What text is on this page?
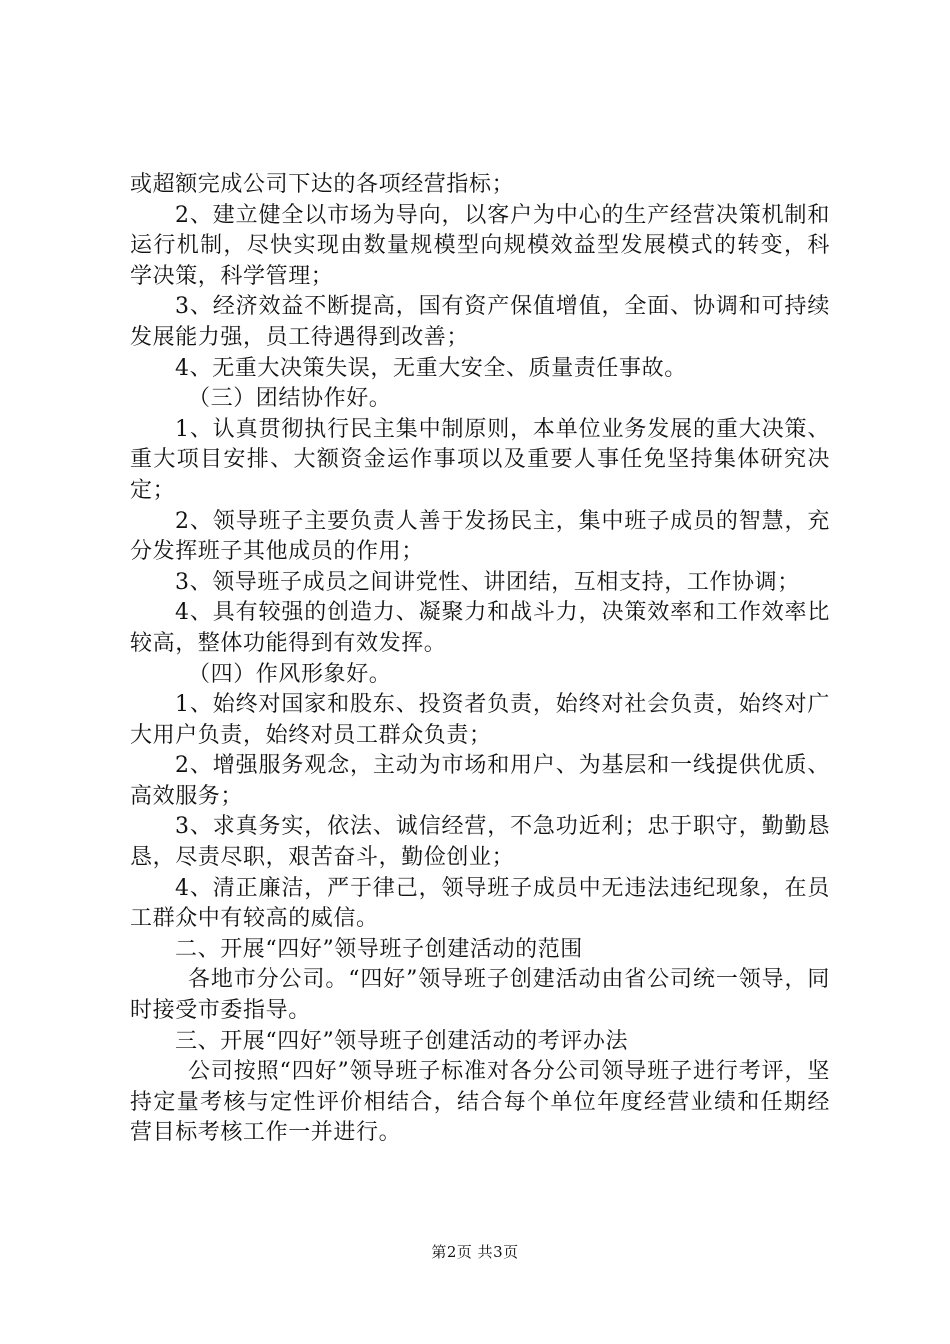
或超额完成公司下达的各项经营指标；

2、建立健全以市场为导向，以客户为中心的生产经营决策机制和运行机制，尽快实现由数量规模型向规模效益型发展模式的转变，科学决策，科学管理；

3、经济效益不断提高，国有资产保值增值，全面、协调和可持续发展能力强，员工待遇得到改善；

4、无重大决策失误，无重大安全、质量责任事故。

（三）团结协作好。

1、认真贯彻执行民主集中制原则，本单位业务发展的重大决策、重大项目安排、大额资金运作事项以及重要人事任免坚持集体研究决定；

2、领导班子主要负责人善于发扬民主，集中班子成员的智慧，充分发挥班子其他成员的作用；

3、领导班子成员之间讲党性、讲团结，互相支持，工作协调；

4、具有较强的创造力、凝聚力和战斗力，决策效率和工作效率比较高，整体功能得到有效发挥。

（四）作风形象好。

1、始终对国家和股东、投资者负责，始终对社会负责，始终对广大用户负责，始终对员工群众负责；

2、增强服务观念，主动为市场和用户、为基层和一线提供优质、高效服务；

3、求真务实，依法、诚信经营，不急功近利；忠于职守，勤勤恳恳，尽责尽职，艰苦奋斗，勤俭创业；

4、清正廉洁，严于律己，领导班子成员中无违法违纪现象，在员工群众中有较高的威信。

二、开展“四好”领导班子创建活动的范围

各地市分公司。“四好”领导班子创建活动由省公司统一领导，同时接受市委指导。

三、开展“四好”领导班子创建活动的考评办法

公司按照“四好”领导班子标准对各分公司领导班子进行考评，坚持定量考核与定性评价相结合，结合每个单位年度经营业绩和任期经营目标考核工作一并进行。

第2页 共3页
